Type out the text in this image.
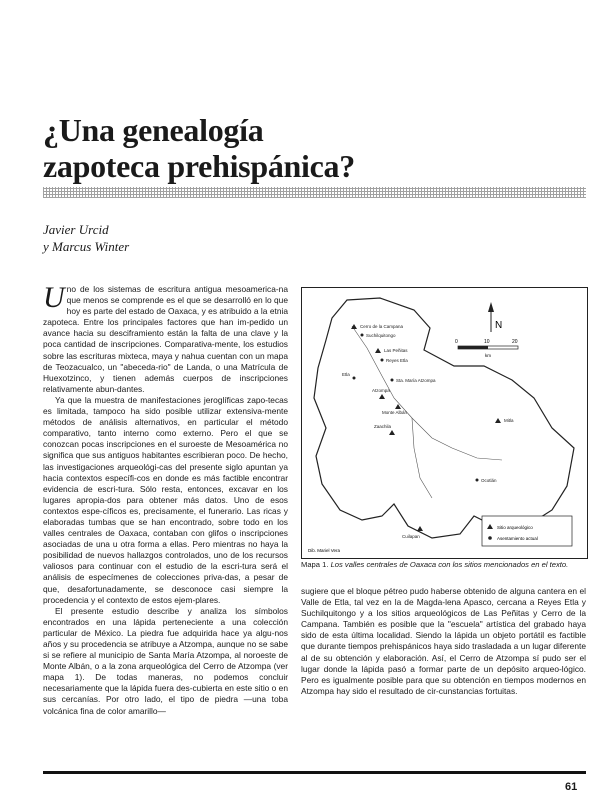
¿Una genealogía
zapoteca prehispánica?
Javier Urcid
y Marcus Winter

Uno de los sistemas de escritura antigua mesoamerica-na que menos se comprende es el que se desarrolló en lo que hoy es parte del estado de Oaxaca, y es atribuido a la etnia zapoteca. Entre los principales factores que han im-pedido un avance hacia su desciframiento están la falta de una clave y la poca cantidad de inscripciones. Comparativa-mente, los estudios sobre las escrituras mixteca, maya y nahua cuentan con un mapa de Teozacualco, un "abeceda-rio" de Landa, o una Matrícula de Huexotzinco, y tienen además cuerpos de inscripciones relativamente abun-dantes.

Ya que la muestra de manifestaciones jeroglíficas zapo-tecas es limitada, tampoco ha sido posible utilizar extensiva-mente métodos de análisis alternativos, en particular el método comparativo, tanto interno como externo. Pero el que se conozcan pocas inscripciones en el suroeste de Mesoamérica no significa que sus antiguos habitantes escribieran poco. De hecho, las investigaciones arqueológi-cas del presente siglo apuntan ya hacia contextos específi-cos en donde es más factible encontrar evidencia de escri-tura. Sólo resta, entonces, excavar en los lugares apropia-dos para obtener más datos. Uno de esos contextos espe-cíficos es, precisamente, el funerario. Las ricas y elaboradas tumbas que se han encontrado, sobre todo en los valles centrales de Oaxaca, contaban con glifos o inscripciones asociadas de una u otra forma a ellas. Pero mientras no haya la posibilidad de nuevos hallazgos controlados, uno de los recursos valiosos para continuar con el estudio de la escri-tura será el análisis de especímenes de colecciones priva-das, a pesar de que, desafortunadamente, se desconoce casi siempre la procedencia y el contexto de estos ejem-plares.

El presente estudio describe y analiza los símbolos encontrados en una lápida perteneciente a una colección particular de México. La piedra fue adquirida hace ya algu-nos años y su procedencia se atribuye a Atzompa, aunque no se sabe si se refiere al municipio de Santa María Atzompa, al noroeste de Monte Albán, o a la zona arqueológica del Cerro de Atzompa (ver mapa 1). De todas maneras, no podemos concluir necesariamente que la lápida fuera des-cubierta en este sitio o en sus cercanías. Por otro lado, el tipo de piedra —una toba volcánica fina de color amarillo—

N
0	10	20
km
Cerro de la Campana
Suchilquitongo
Las Peñitas
Reyes Etla
Etla
Sta. María Atzompa
Atzompa
Monte Albán
Zaachila
Mitla
Ocotlán
Cuilapan
Sitio arqueológico
Asentamiento actual
Dib. Mariel Vera
Mapa 1. Los valles centrales de Oaxaca con los sitios mencionados en el texto.

sugiere que el bloque pétreo pudo haberse obtenido de alguna cantera en el Valle de Etla, tal vez en la de Magda-lena Apasco, cercana a Reyes Etla y Suchilquitongo y a los sitios arqueológicos de Las Peñitas y Cerro de la Campana. También es posible que la "escuela" artística del grabado haya sido de esta última localidad. Siendo la lápida un objeto portátil es factible que durante tiempos prehispánicos haya sido trasladada a un lugar diferente al de su obtención y elaboración. Así, el Cerro de Atzompa sí pudo ser el lugar donde la lápida pasó a formar parte de un depósito arqueo-lógico. Pero es igualmente posible para que su obtención en tiempos modernos en Atzompa hay sido el resultado de cir-cunstancias fortuitas.

61
